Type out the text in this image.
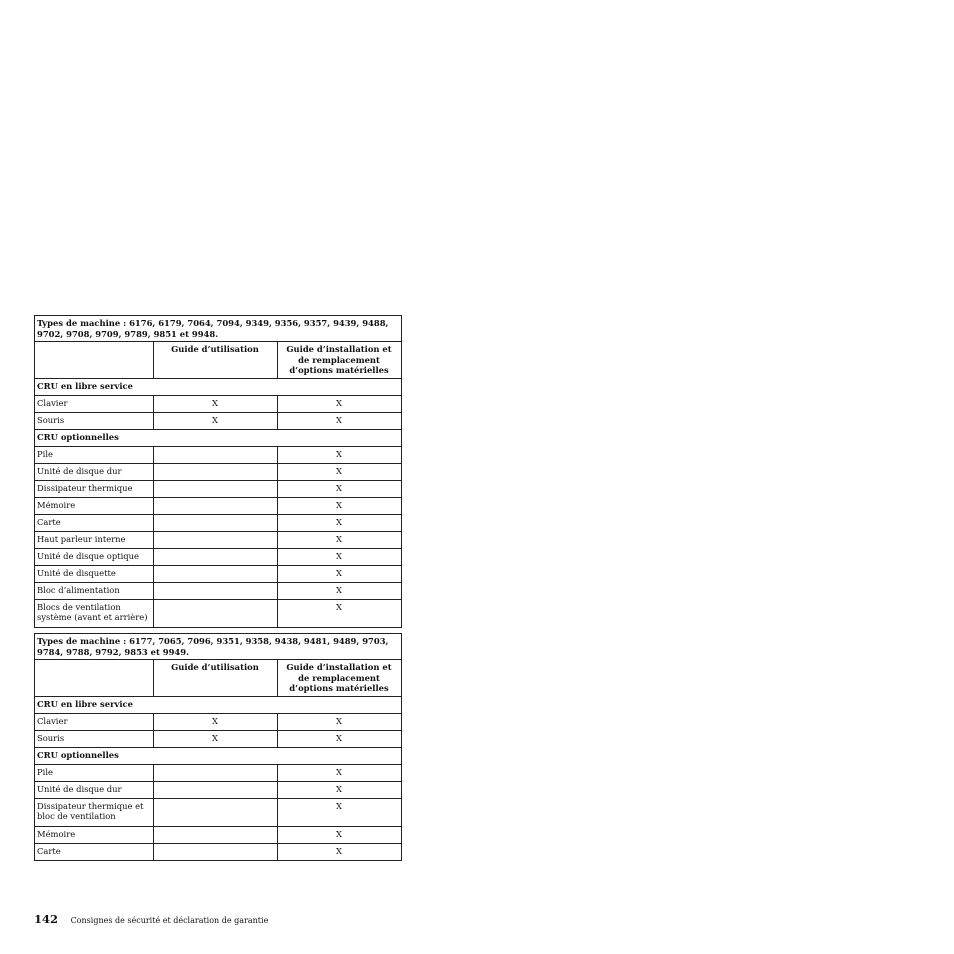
Types de machine : 6176, 6179, 7064, 7094, 9349, 9356, 9357, 9439, 9488, 9702, 9708, 9709, 9789, 9851 et 9948.		
	Guide d’utilisation	Guide d’installation et de remplacement d’options matérielles
CRU en libre service		
Clavier	X	X
Souris	X	X
CRU optionnelles		
Pile		X
Unité de disque dur		X
Dissipateur thermique		X
Mémoire		X
Carte		X
Haut parleur interne		X
Unité de disque optique		X
Unité de disquette		X
Bloc d’alimentation		X
Blocs de ventilation système (avant et arrière)		X
Types de machine : 6177, 7065, 7096, 9351, 9358, 9438, 9481, 9489, 9703, 9784, 9788, 9792, 9853 et 9949.		
	Guide d’utilisation	Guide d’installation et de remplacement d’options matérielles
CRU en libre service		
Clavier	X	X
Souris	X	X
CRU optionnelles		
Pile		X
Unité de disque dur		X
Dissipateur thermique et bloc de ventilation		X
Mémoire		X
Carte		X
142 Consignes de sécurité et déclaration de garantie
